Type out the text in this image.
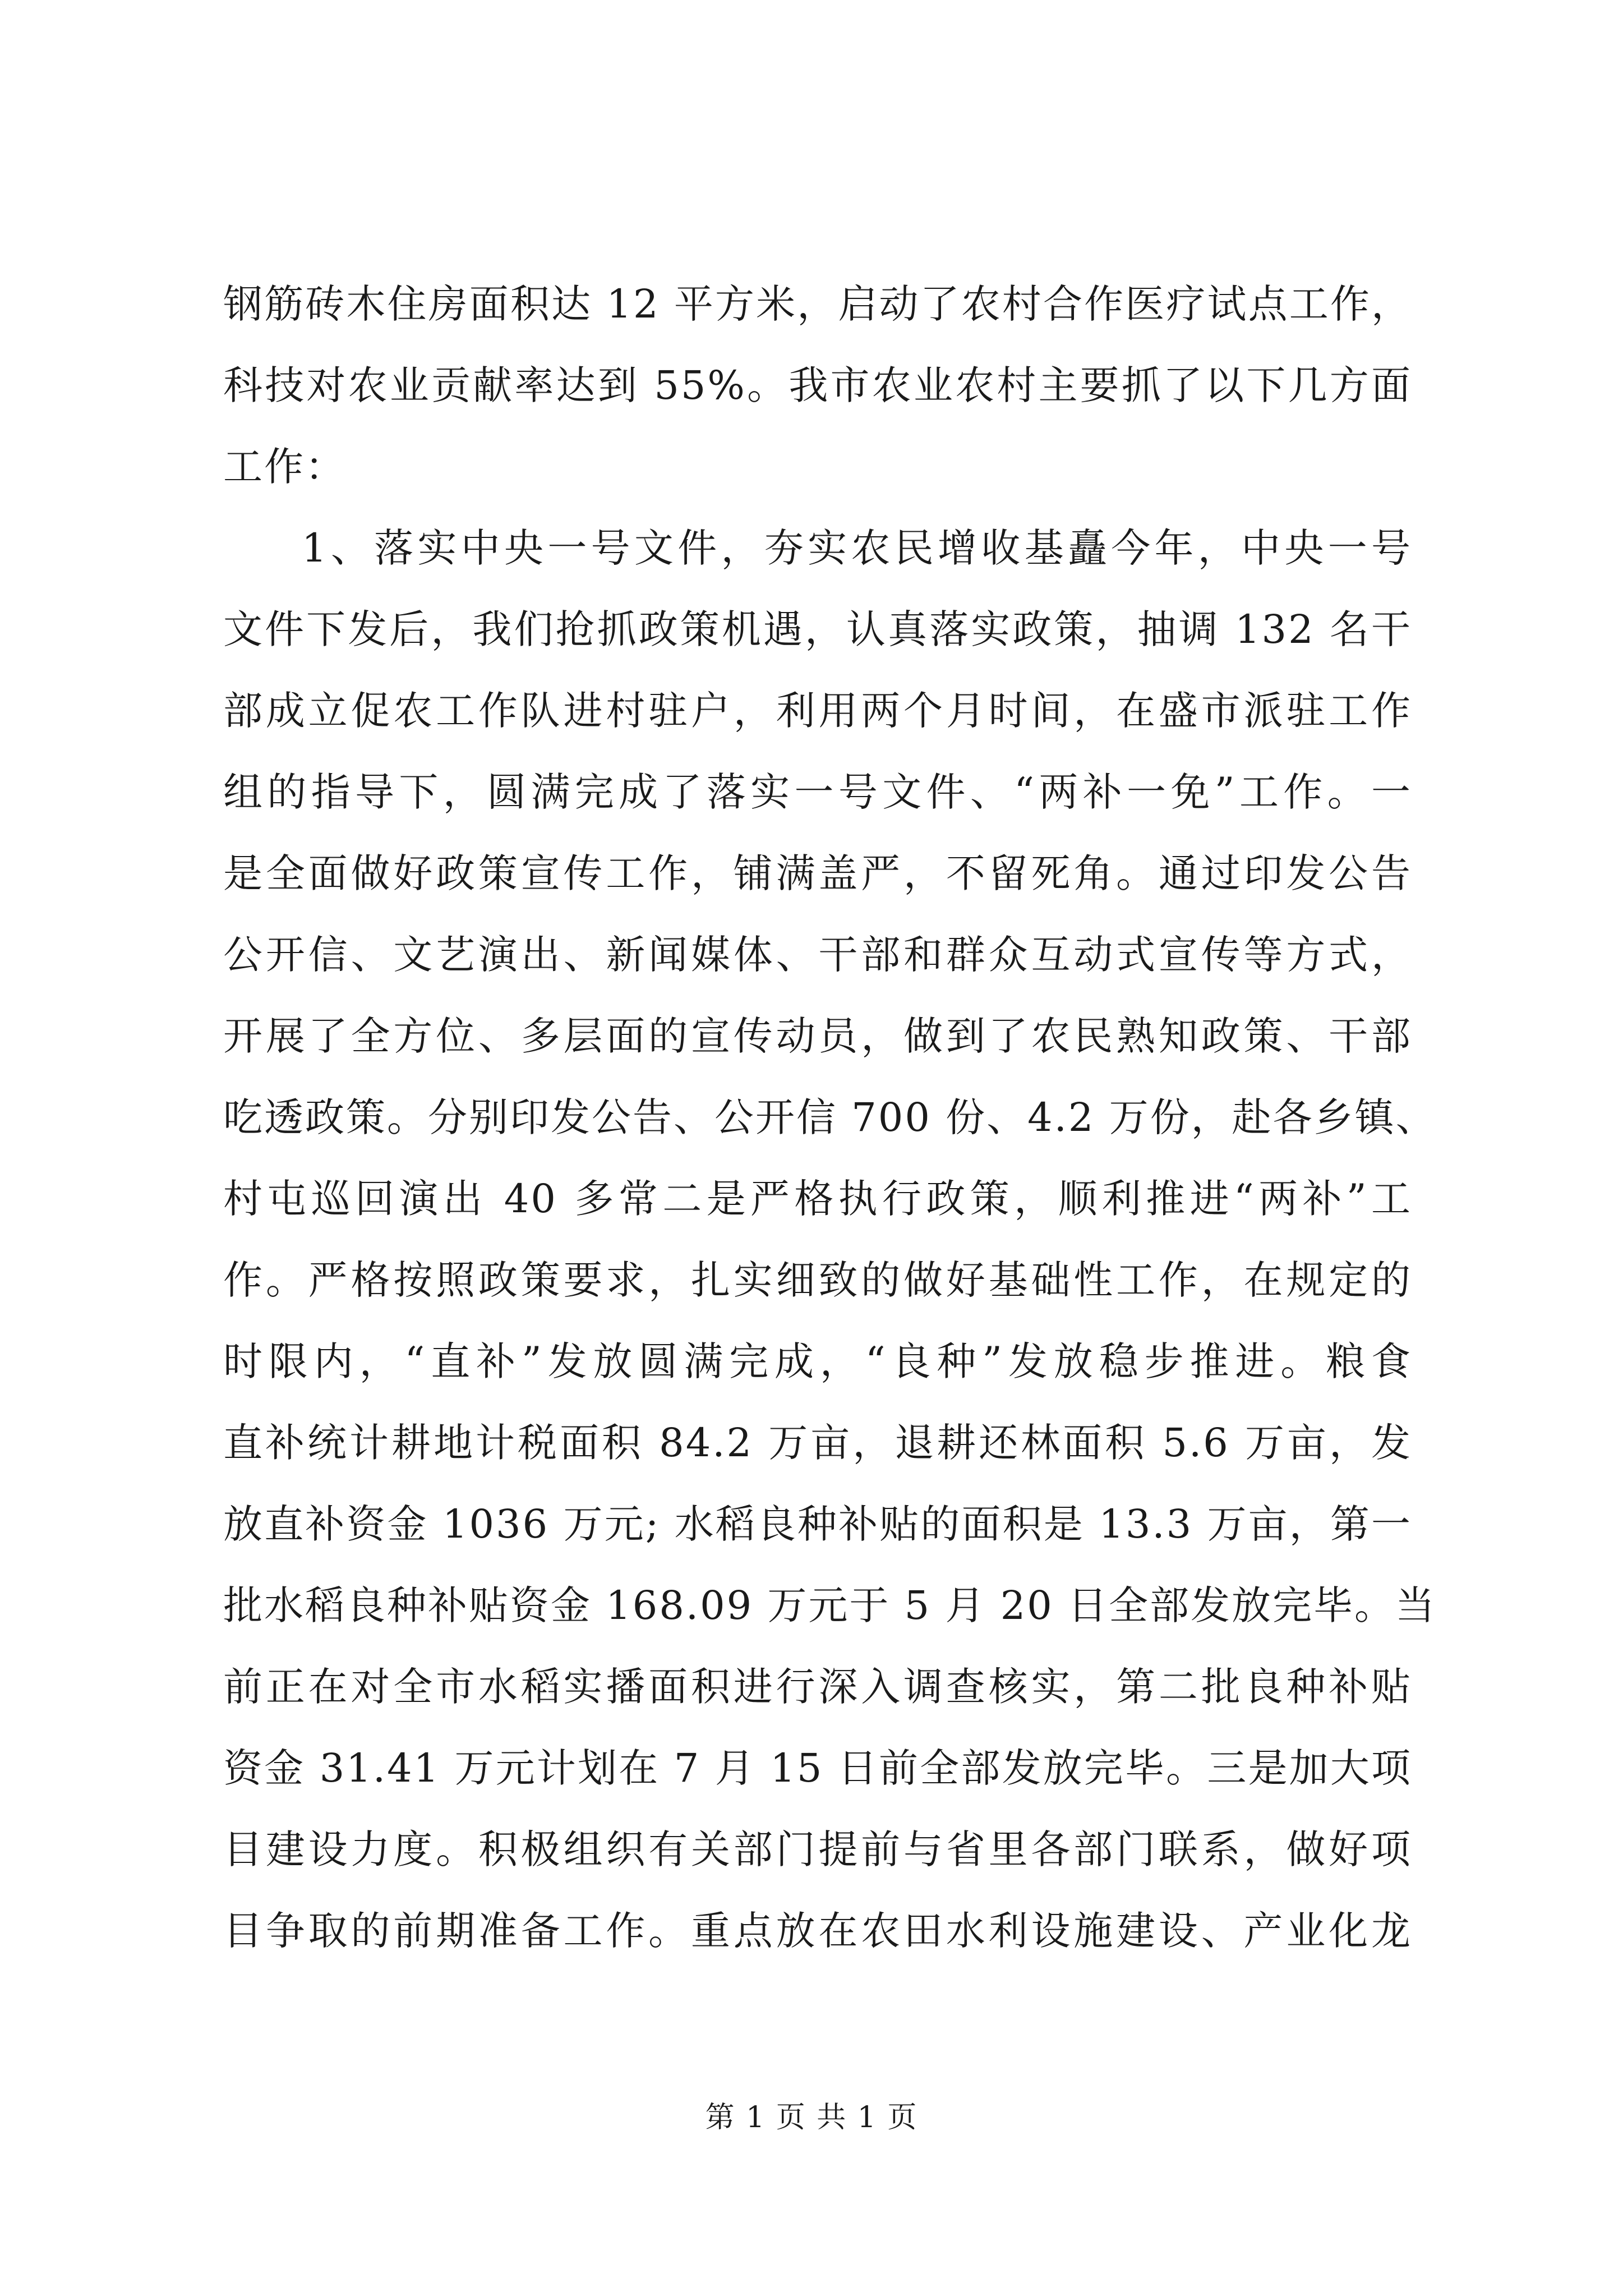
钢筋砖木住房面积达 12 平方米，启动了农村合作医疗试点工作，
科技对农业贡献率达到 55%。我市农业农村主要抓了以下几方面
工作：
1、落实中央一号文件，夯实农民增收基矗今年，中央一号
文件下发后，我们抢抓政策机遇，认真落实政策，抽调 132 名干
部成立促农工作队进村驻户，利用两个月时间，在盛市派驻工作
组的指导下，圆满完成了落实一号文件、“两补一免”工作。一
是全面做好政策宣传工作，铺满盖严，不留死角。通过印发公告
公开信、文艺演出、新闻媒体、干部和群众互动式宣传等方式，
开展了全方位、多层面的宣传动员，做到了农民熟知政策、干部
吃透政策。分别印发公告、公开信 700 份、4.2 万份，赴各乡镇、
村屯巡回演出 40 多常二是严格执行政策，顺利推进“两补”工
作。严格按照政策要求，扎实细致的做好基础性工作，在规定的
时限内，“直补”发放圆满完成，“良种”发放稳步推进。粮食
直补统计耕地计税面积 84.2 万亩，退耕还林面积 5.6 万亩，发
放直补资金 1036 万元; 水稻良种补贴的面积是 13.3 万亩，第一
批水稻良种补贴资金 168.09 万元于 5 月 20 日全部发放完毕。当
前正在对全市水稻实播面积进行深入调查核实，第二批良种补贴
资金 31.41 万元计划在 7 月 15 日前全部发放完毕。三是加大项
目建设力度。积极组织有关部门提前与省里各部门联系，做好项
目争取的前期准备工作。重点放在农田水利设施建设、产业化龙
第 1 页 共 1 页
